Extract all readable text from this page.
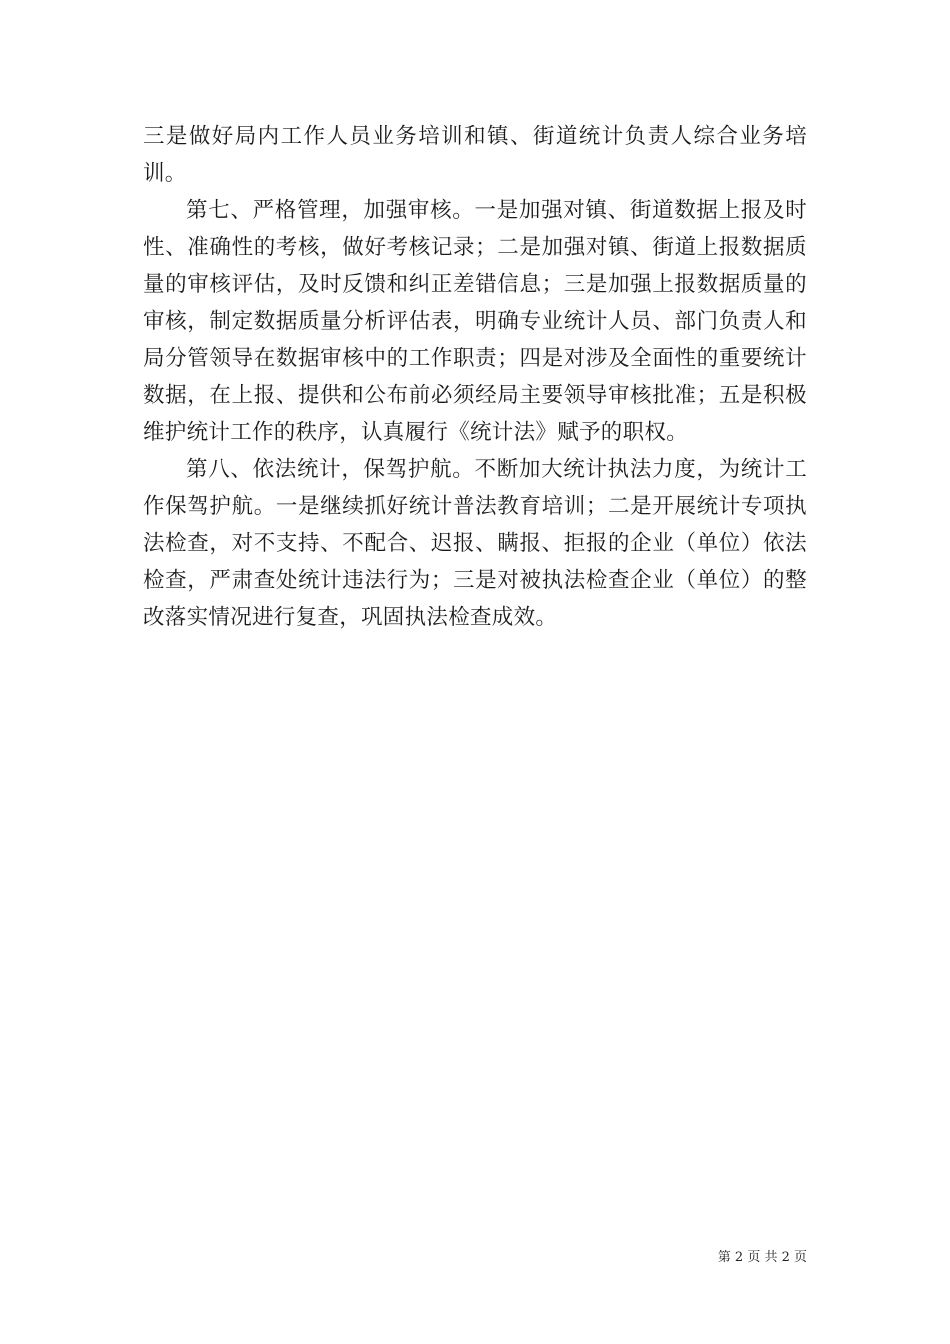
三是做好局内工作人员业务培训和镇、街道统计负责人综合业务培训。

第七、严格管理，加强审核。一是加强对镇、街道数据上报及时性、准确性的考核，做好考核记录；二是加强对镇、街道上报数据质量的审核评估，及时反馈和纠正差错信息；三是加强上报数据质量的审核，制定数据质量分析评估表，明确专业统计人员、部门负责人和局分管领导在数据审核中的工作职责；四是对涉及全面性的重要统计数据，在上报、提供和公布前必须经局主要领导审核批准；五是积极维护统计工作的秩序，认真履行《统计法》赋予的职权。

第八、依法统计，保驾护航。不断加大统计执法力度，为统计工作保驾护航。一是继续抓好统计普法教育培训；二是开展统计专项执法检查，对不支持、不配合、迟报、瞒报、拒报的企业（单位）依法检查，严肃查处统计违法行为；三是对被执法检查企业（单位）的整改落实情况进行复查，巩固执法检查成效。

第 2 页 共 2 页
